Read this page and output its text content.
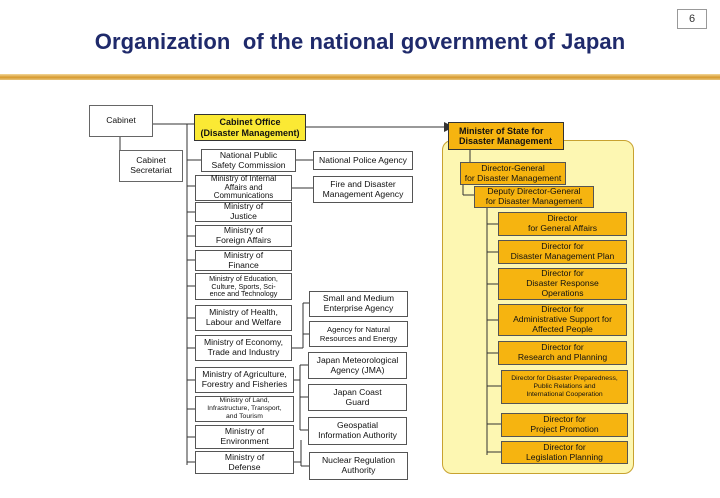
Organization  of the national government of Japan
6
Cabinet
Cabinet
Secretariat
Cabinet Office
(Disaster Management)
National Public
Safety Commission
Ministry of Internal
Affairs and
Communications
Ministry of
Justice
Ministry of
Foreign Affairs
Ministry of
Finance
Ministry of Education,
Culture, Sports, Sci-
ence and Technology
Ministry of Health,
Labour and Welfare
Ministry of Economy,
Trade and Industry
Ministry of Agriculture,
Forestry and Fisheries
Ministry of Land,
Infrastructure, Transport,
and Tourism
Ministry of
Environment
Ministry of
Defense
National Police Agency
Fire and Disaster
Management Agency
Small and Medium
Enterprise Agency
Agency for Natural
Resources and Energy
Japan Meteorological
Agency (JMA)
Japan Coast
Guard
Geospatial
Information Authority
Nuclear Regulation
Authority
Minister of State for
Disaster Management
Director-General
for Disaster Management
Deputy Director-General
for Disaster Management
Director
for General Affairs
Director for
Disaster Management Plan
Director for
Disaster Response
Operations
Director for
Administrative Support for
Affected People
Director for
Research and Planning
Director for Disaster Preparedness,
Public Relations and
International Cooperation
Director for
Project Promotion
Director for
Legislation Planning
